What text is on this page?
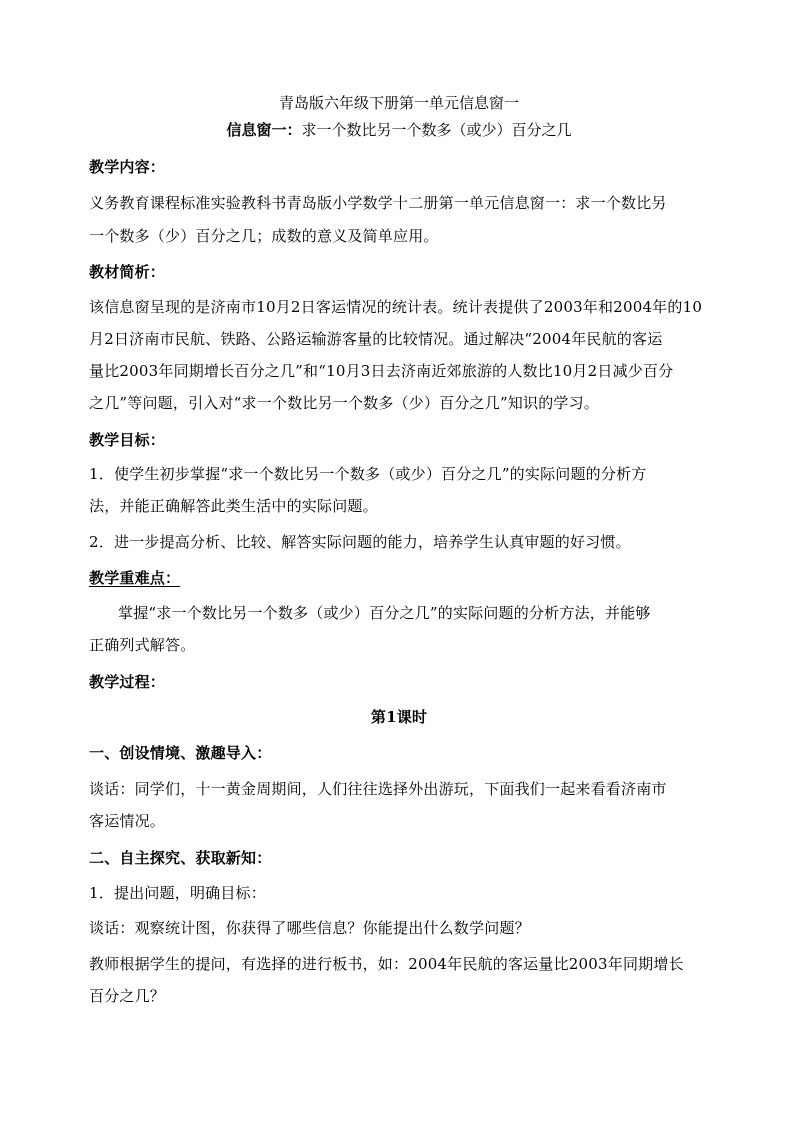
青岛版六年级下册第一单元信息窗一
信息窗一：求一个数比另一个数多（或少）百分之几
教学内容：
义务教育课程标准实验教科书青岛版小学数学十二册第一单元信息窗一：求一个数比另
一个数多（少）百分之几；成数的意义及简单应用。
教材简析：
该信息窗呈现的是济南市10月2日客运情况的统计表。统计表提供了2003年和2004年的10
月2日济南市民航、铁路、公路运输游客量的比较情况。通过解决“2004年民航的客运
量比2003年同期增长百分之几”和“10月3日去济南近郊旅游的人数比10月2日减少百分
之几”等问题，引入对“求一个数比另一个数多（少）百分之几”知识的学习。
教学目标：
1．使学生初步掌握“求一个数比另一个数多（或少）百分之几”的实际问题的分析方
法，并能正确解答此类生活中的实际问题。
2．进一步提高分析、比较、解答实际问题的能力，培养学生认真审题的好习惯。
教学重难点：
掌握“求一个数比另一个数多（或少）百分之几”的实际问题的分析方法，并能够
正确列式解答。
教学过程：
第1课时
一、创设情境、激趣导入：
谈话：同学们，十一黄金周期间，人们往往选择外出游玩，下面我们一起来看看济南市
客运情况。
二、自主探究、获取新知：
1．提出问题，明确目标：
谈话：观察统计图，你获得了哪些信息？你能提出什么数学问题？
教师根据学生的提问，有选择的进行板书，如：2004年民航的客运量比2003年同期增长
百分之几？
